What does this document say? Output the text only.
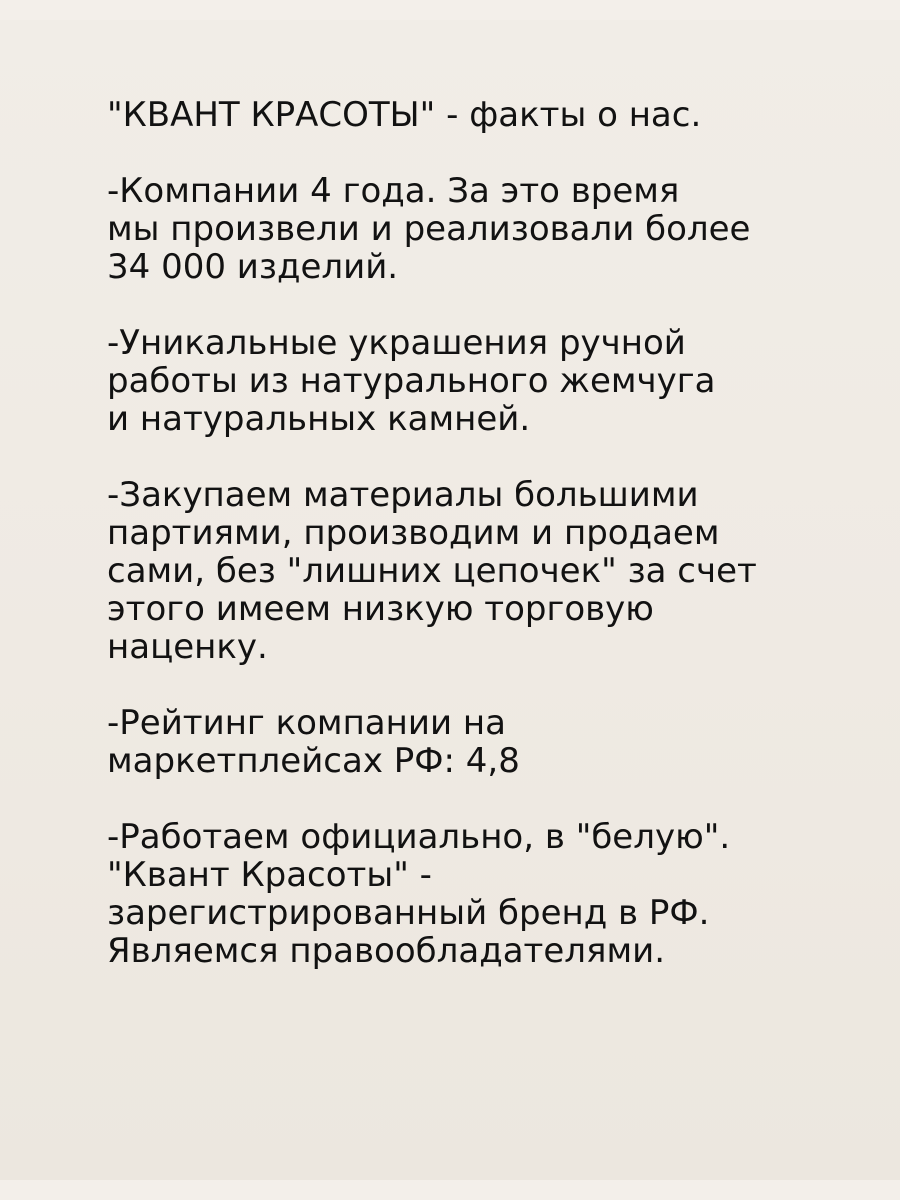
"КВАНТ КРАСОТЫ" - факты о нас.

-Компании 4 года. За это время
мы произвели и реализовали более
34 000 изделий.

-Уникальные украшения ручной
работы из натурального жемчуга
и натуральных камней.

-Закупаем материалы большими
партиями, производим и продаем
сами, без "лишних цепочек" за счет
этого имеем низкую торговую
наценку.

-Рейтинг компании на
маркетплейсах РФ: 4,8

-Работаем официально, в "белую".
"Квант Красоты" -
зарегистрированный бренд в РФ.
Являемся правообладателями.
